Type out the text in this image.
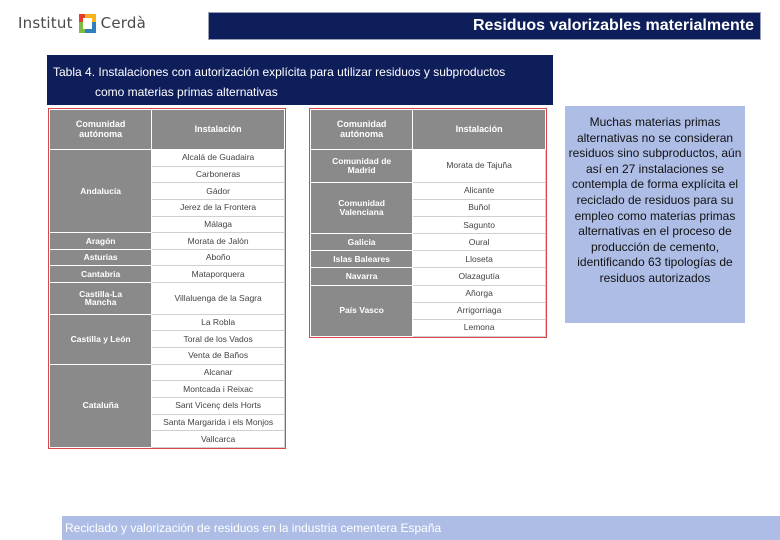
Institut Cerdà	Residuos valorizables materialmente
Tabla 4. Instalaciones con autorización explícita para utilizar residuos y subproductos
como materias primas alternativas
Comunidad autónoma	Instalación
Andalucía	Alcalá de Guadaira
	Carboneras
	Gádor
	Jerez de la Frontera
	Málaga
Aragón	Morata de Jalón
Asturias	Aboño
Cantabria	Mataporquera
Castilla-La Mancha	Villaluenga de la Sagra
Castilla y León	La Robla
	Toral de los Vados
	Venta de Baños
Cataluña	Alcanar
	Montcada i Reixac
	Sant Vicenç dels Horts
	Santa Margarida i els Monjos
	Vallcarca
Comunidad autónoma	Instalación
Comunidad de Madrid	Morata de Tajuña
Comunidad Valenciana	Alicante
	Buñol
	Sagunto
Galicia	Oural
Islas Baleares	Lloseta
Navarra	Olazagutía
País Vasco	Añorga
	Arrigorriaga
	Lemona
Muchas materias primas alternativas no se consideran residuos sino subproductos, aún así en 27 instalaciones se contempla de forma explícita el reciclado de residuos para su empleo como materias primas alternativas en el proceso de producción de cemento, identificando 63 tipologías de residuos autorizados
Reciclado y valorización de residuos en la industria cementera España
